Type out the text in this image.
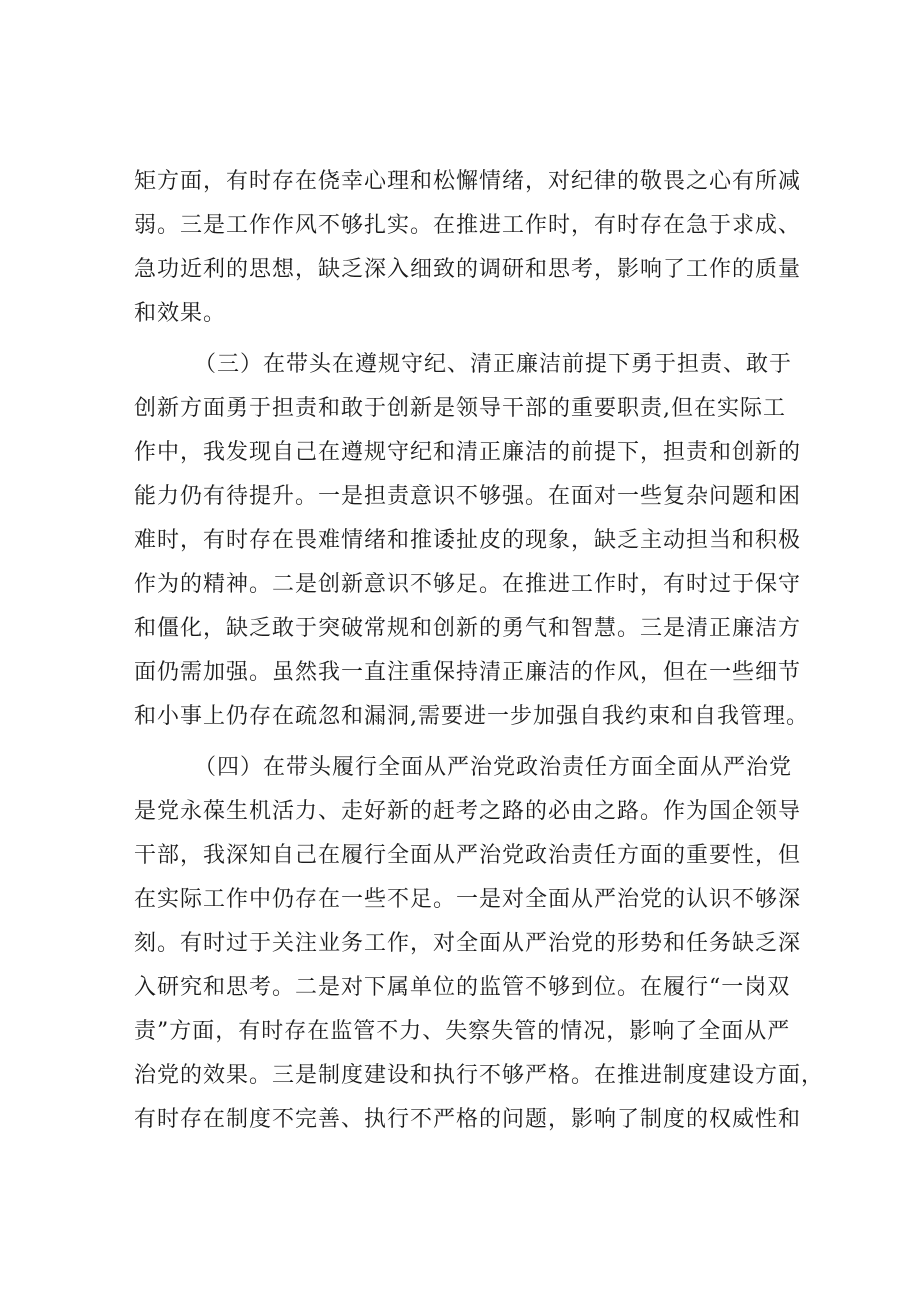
矩方面，有时存在侥幸心理和松懈情绪，对纪律的敬畏之心有所减
弱。三是工作作风不够扎实。在推进工作时，有时存在急于求成、
急功近利的思想，缺乏深入细致的调研和思考，影响了工作的质量
和效果。
（三）在带头在遵规守纪、清正廉洁前提下勇于担责、敢于
创新方面勇于担责和敢于创新是领导干部的重要职责,但在实际工
作中，我发现自己在遵规守纪和清正廉洁的前提下，担责和创新的
能力仍有待提升。一是担责意识不够强。在面对一些复杂问题和困
难时，有时存在畏难情绪和推诿扯皮的现象，缺乏主动担当和积极
作为的精神。二是创新意识不够足。在推进工作时，有时过于保守
和僵化，缺乏敢于突破常规和创新的勇气和智慧。三是清正廉洁方
面仍需加强。虽然我一直注重保持清正廉洁的作风，但在一些细节
和小事上仍存在疏忽和漏洞,需要进一步加强自我约束和自我管理。
（四）在带头履行全面从严治党政治责任方面全面从严治党
是党永葆生机活力、走好新的赶考之路的必由之路。作为国企领导
干部，我深知自己在履行全面从严治党政治责任方面的重要性，但
在实际工作中仍存在一些不足。一是对全面从严治党的认识不够深
刻。有时过于关注业务工作，对全面从严治党的形势和任务缺乏深
入研究和思考。二是对下属单位的监管不够到位。在履行“一岗双
责”方面，有时存在监管不力、失察失管的情况，影响了全面从严
治党的效果。三是制度建设和执行不够严格。在推进制度建设方面，
有时存在制度不完善、执行不严格的问题，影响了制度的权威性和
